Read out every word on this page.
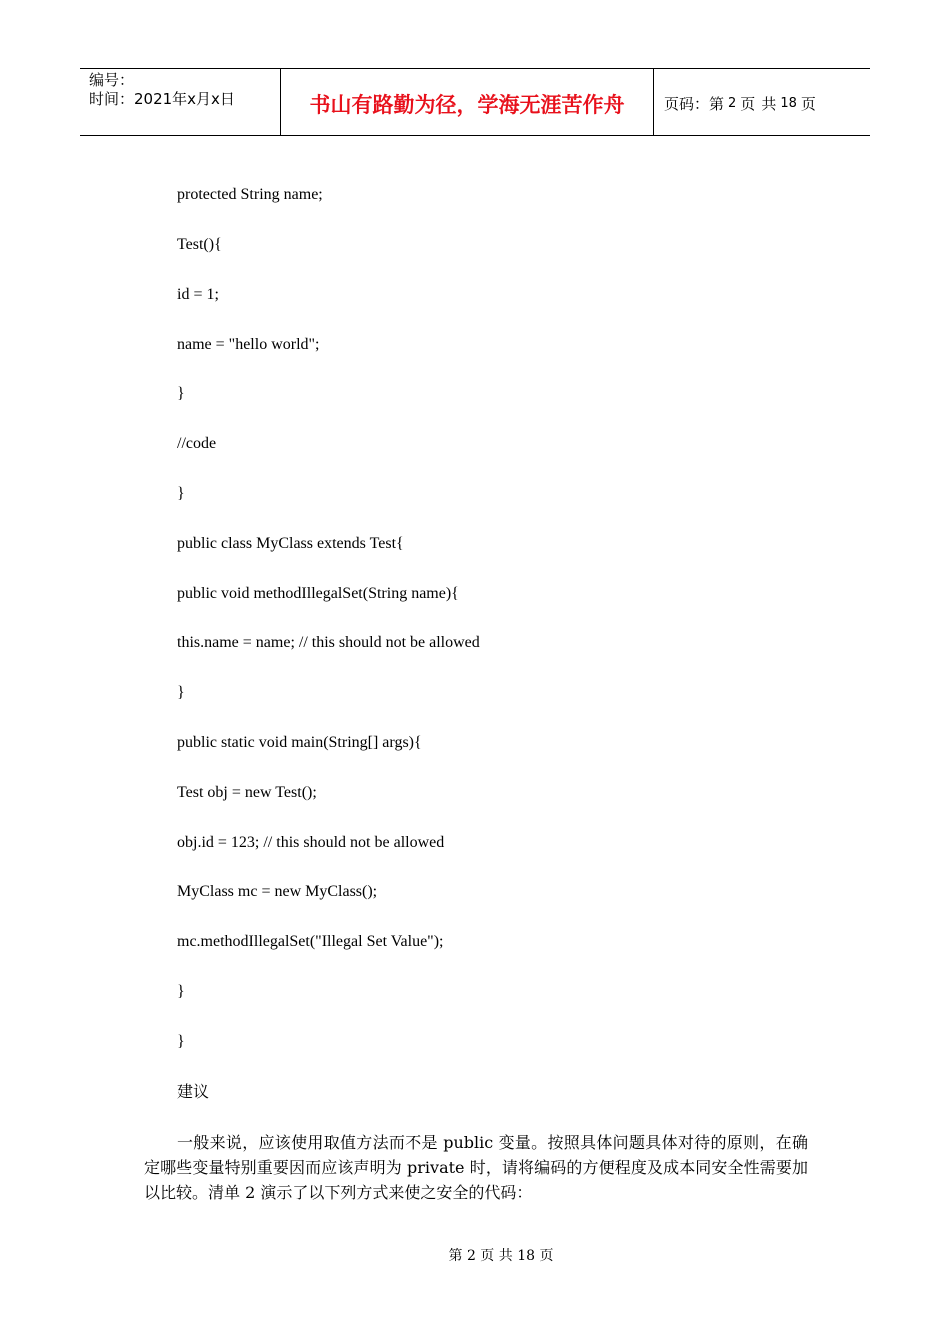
编号：
时间：2021年x月x日	书山有路勤为径，学海无涯苦作舟	页码：第 2 页 共 18 页
protected String name;
Test(){
id = 1;
name = "hello world";
}
//code
}
public class MyClass extends Test{
public void methodIllegalSet(String name){
this.name = name; // this should not be allowed
}
public static void main(String[] args){
Test obj = new Test();
obj.id = 123; // this should not be allowed
MyClass mc = new MyClass();
mc.methodIllegalSet("Illegal Set Value");
}
}
建议
一般来说，应该使用取值方法而不是 public 变量。按照具体问题具体对待的原则，在确定哪些变量特别重要因而应该声明为 private 时，请将编码的方便程度及成本同安全性需要加以比较。清单 2 演示了以下列方式来使之安全的代码：
第 2 页 共 18 页
